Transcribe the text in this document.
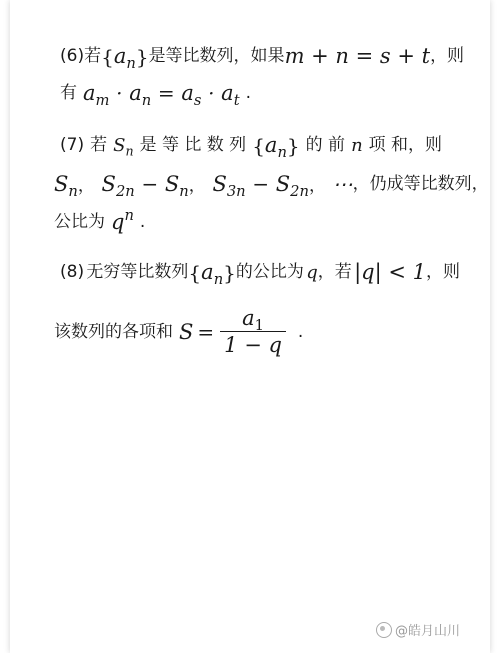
(6) 若 { $a_n$ } 是等比数列，如果 m + n = s + t ，则
有 $a_m \cdot a_n = a_s \cdot a_t$ .
(7) 若 $S_n$ 是 等 比 数 列 { $a_n$ } 的 前 n 项 和，则
$S_n$， $S_{2n} - S_n$， $S_{3n} - S_{2n}$， ⋯ ，仍成等比数列，
公比为 $q^n$ .
(8) 无穷等比数列 { $a_n$ } 的公比为 q ，若 |q| < 1 ，则
该数列的各项和 $S = \frac{a_1}{1 - q}$ .
@皓月山川
